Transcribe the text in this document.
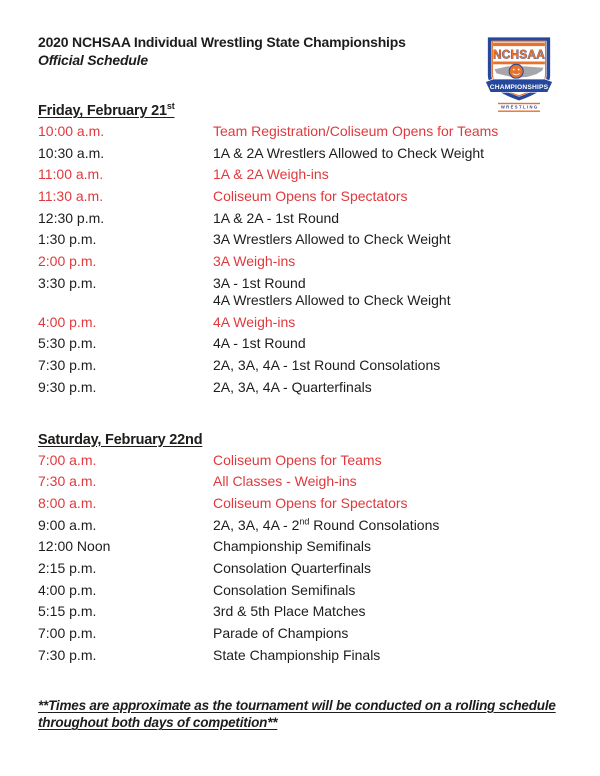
NCHSAA
CHAMPIONSHIPS
WRESTLING
2020 NCHSAA Individual Wrestling State Championships
Official Schedule
Friday, February 21st
10:00 a.m.	Team Registration/Coliseum Opens for Teams
10:30 a.m.	1A & 2A Wrestlers Allowed to Check Weight
11:00 a.m.	1A & 2A Weigh-ins
11:30 a.m.	Coliseum Opens for Spectators
12:30 p.m.	1A & 2A - 1st Round
1:30 p.m.	3A Wrestlers Allowed to Check Weight
2:00 p.m.	3A Weigh-ins
3:30 p.m.	3A - 1st Round
4A Wrestlers Allowed to Check Weight
4:00 p.m.	4A Weigh-ins
5:30 p.m.	4A - 1st Round
7:30 p.m.	2A, 3A, 4A - 1st Round Consolations
9:30 p.m.	2A, 3A, 4A - Quarterfinals
Saturday, February 22nd
7:00 a.m.	Coliseum Opens for Teams
7:30 a.m.	All Classes - Weigh-ins
8:00 a.m.	Coliseum Opens for Spectators
9:00 a.m.	2A, 3A, 4A - 2nd Round Consolations
12:00 Noon	Championship Semifinals
2:15 p.m.	Consolation Quarterfinals
4:00 p.m.	Consolation Semifinals
5:15 p.m.	3rd & 5th Place Matches
7:00 p.m.	Parade of Champions
7:30 p.m.	State Championship Finals
**Times are approximate as the tournament will be conducted on a rolling schedule
throughout both days of competition**
